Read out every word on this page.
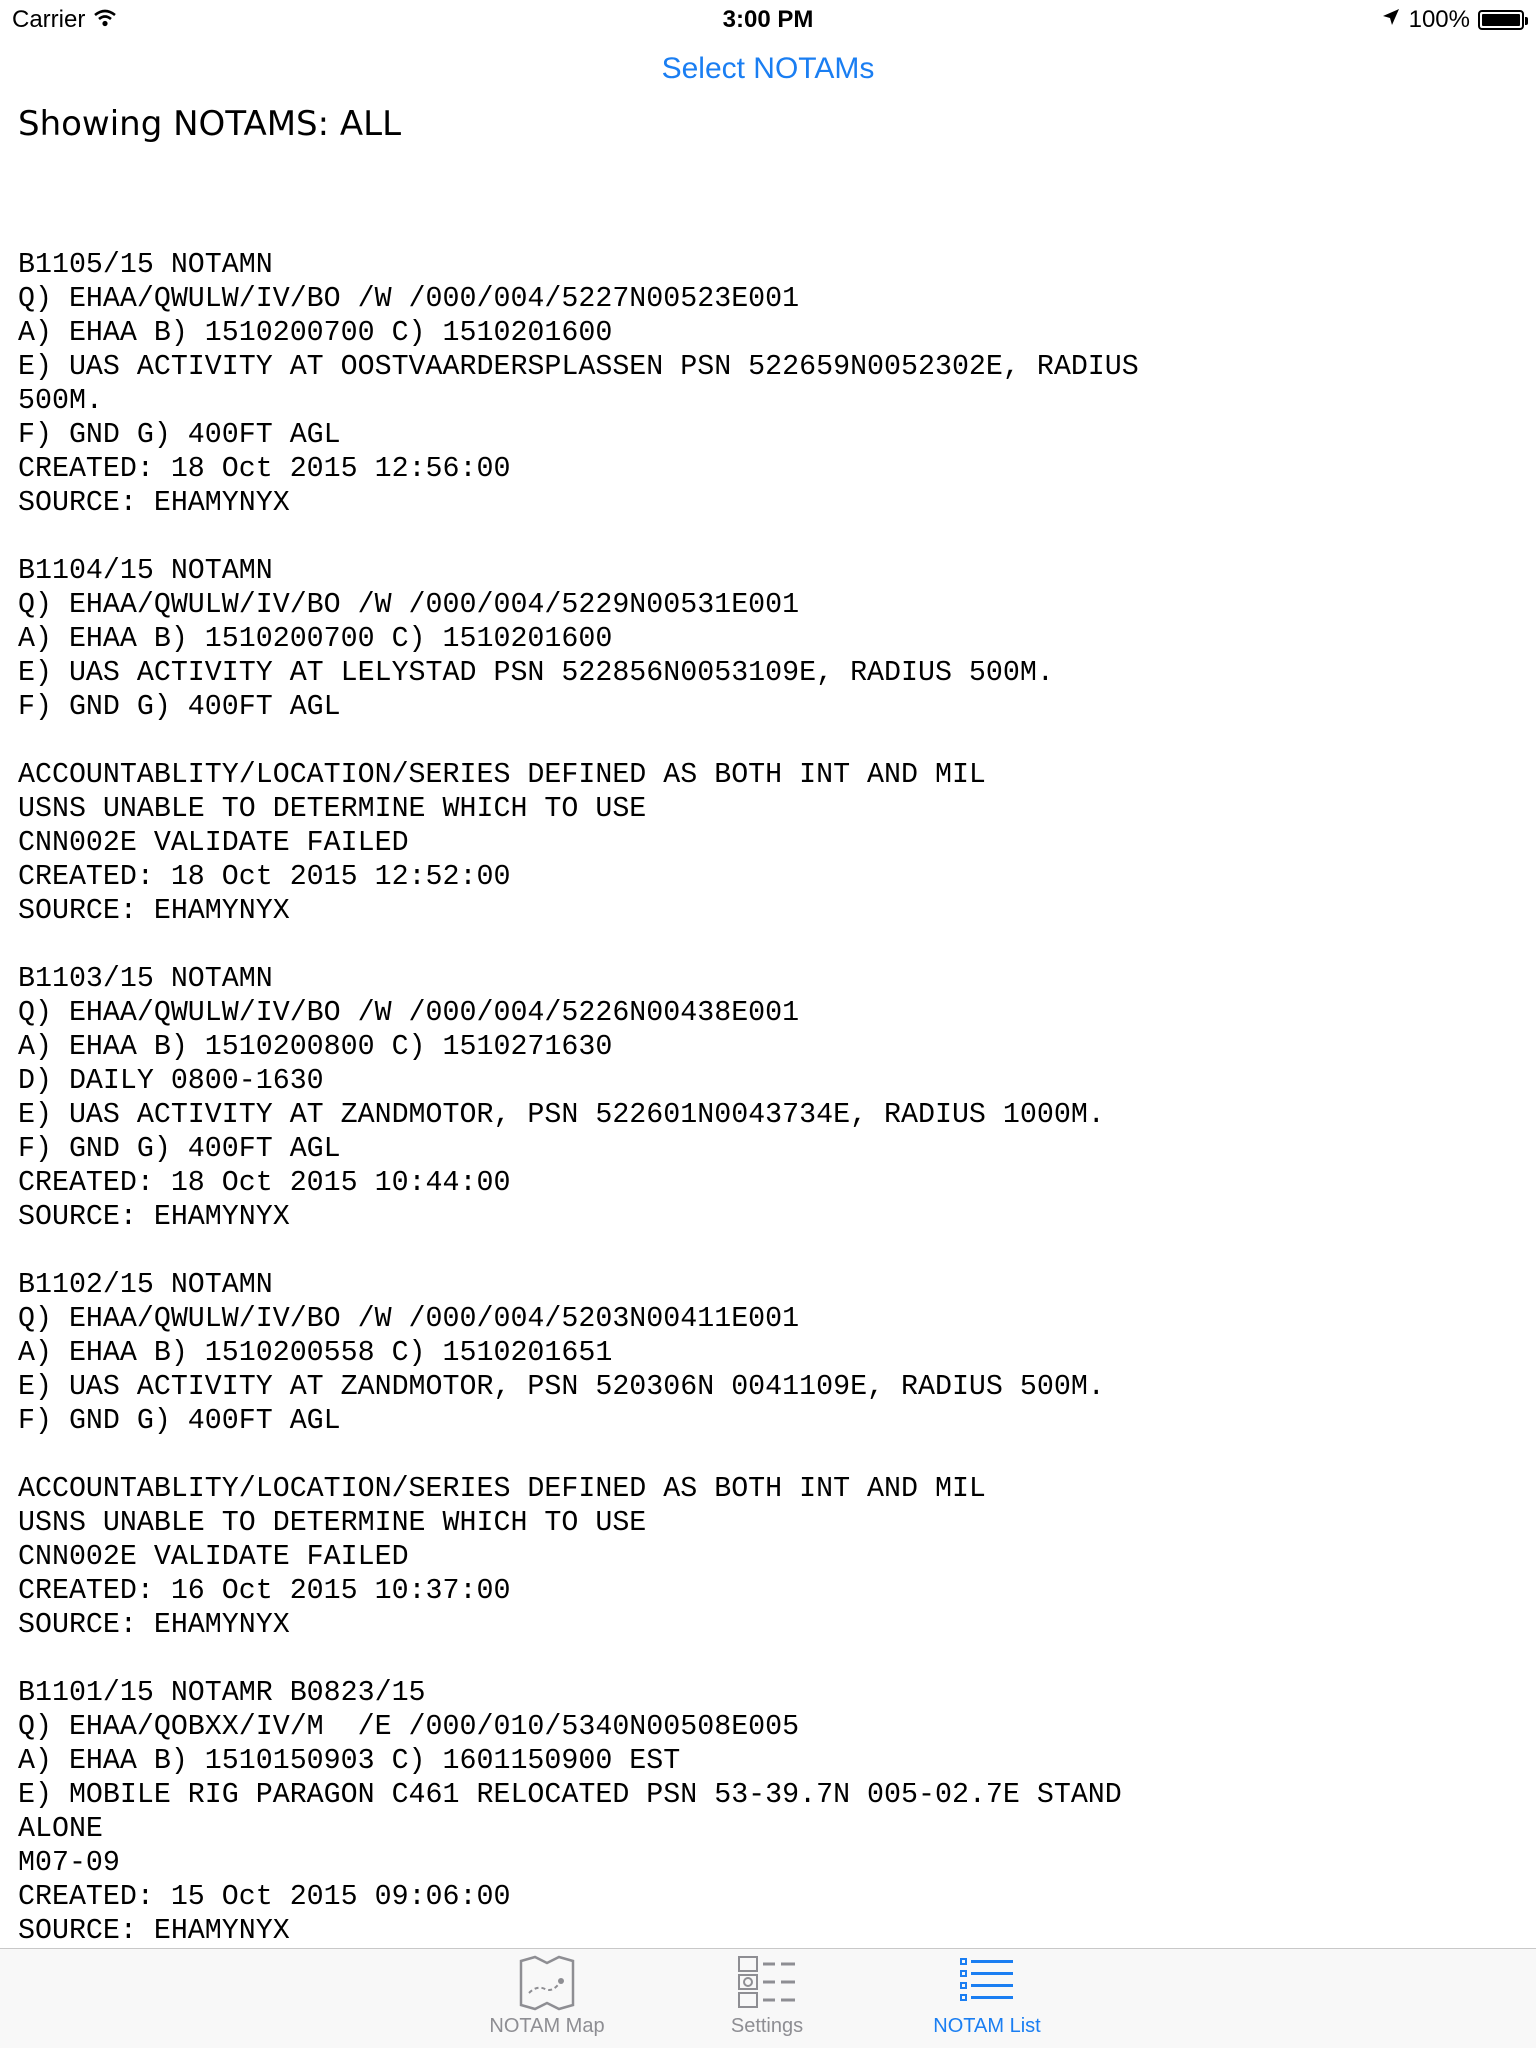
Carrier	3:00 PM	100%
Select NOTAMs
Showing NOTAMS: ALL
B1105/15 NOTAMN
Q) EHAA/QWULW/IV/BO /W /000/004/5227N00523E001
A) EHAA B) 1510200700 C) 1510201600
E) UAS ACTIVITY AT OOSTVAARDERSPLASSEN PSN 522659N0052302E, RADIUS
500M.
F) GND G) 400FT AGL
CREATED: 18 Oct 2015 12:56:00
SOURCE: EHAMYNYX
B1104/15 NOTAMN
Q) EHAA/QWULW/IV/BO /W /000/004/5229N00531E001
A) EHAA B) 1510200700 C) 1510201600
E) UAS ACTIVITY AT LELYSTAD PSN 522856N0053109E, RADIUS 500M.
F) GND G) 400FT AGL
ACCOUNTABLITY/LOCATION/SERIES DEFINED AS BOTH INT AND MIL
USNS UNABLE TO DETERMINE WHICH TO USE
CNN002E VALIDATE FAILED
CREATED: 18 Oct 2015 12:52:00
SOURCE: EHAMYNYX
B1103/15 NOTAMN
Q) EHAA/QWULW/IV/BO /W /000/004/5226N00438E001
A) EHAA B) 1510200800 C) 1510271630
D) DAILY 0800-1630
E) UAS ACTIVITY AT ZANDMOTOR, PSN 522601N0043734E, RADIUS 1000M.
F) GND G) 400FT AGL
CREATED: 18 Oct 2015 10:44:00
SOURCE: EHAMYNYX
B1102/15 NOTAMN
Q) EHAA/QWULW/IV/BO /W /000/004/5203N00411E001
A) EHAA B) 1510200558 C) 1510201651
E) UAS ACTIVITY AT ZANDMOTOR, PSN 520306N 0041109E, RADIUS 500M.
F) GND G) 400FT AGL
ACCOUNTABLITY/LOCATION/SERIES DEFINED AS BOTH INT AND MIL
USNS UNABLE TO DETERMINE WHICH TO USE
CNN002E VALIDATE FAILED
CREATED: 16 Oct 2015 10:37:00
SOURCE: EHAMYNYX
B1101/15 NOTAMR B0823/15
Q) EHAA/QOBXX/IV/M  /E /000/010/5340N00508E005
A) EHAA B) 1510150903 C) 1601150900 EST
E) MOBILE RIG PARAGON C461 RELOCATED PSN 53-39.7N 005-02.7E STAND
ALONE
M07-09
CREATED: 15 Oct 2015 09:06:00
SOURCE: EHAMYNYX
NOTAM Map	Settings	NOTAM List
